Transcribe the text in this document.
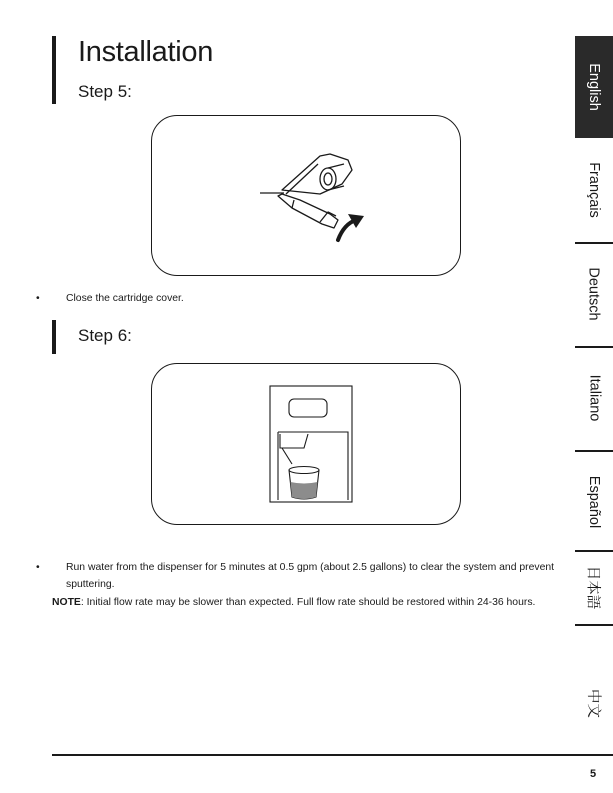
Installation
Step 5:
•	Close the cartridge cover.
Step 6:
•	Run water from the dispenser for 5 minutes at 0.5 gpm (about 2.5 gallons) to clear the system and prevent sputtering.
NOTE: Initial flow rate may be slower than expected. Full flow rate should be restored within 24-36 hours.
English
Français
Deutsch
Italiano
Español
日本語
中文
5
